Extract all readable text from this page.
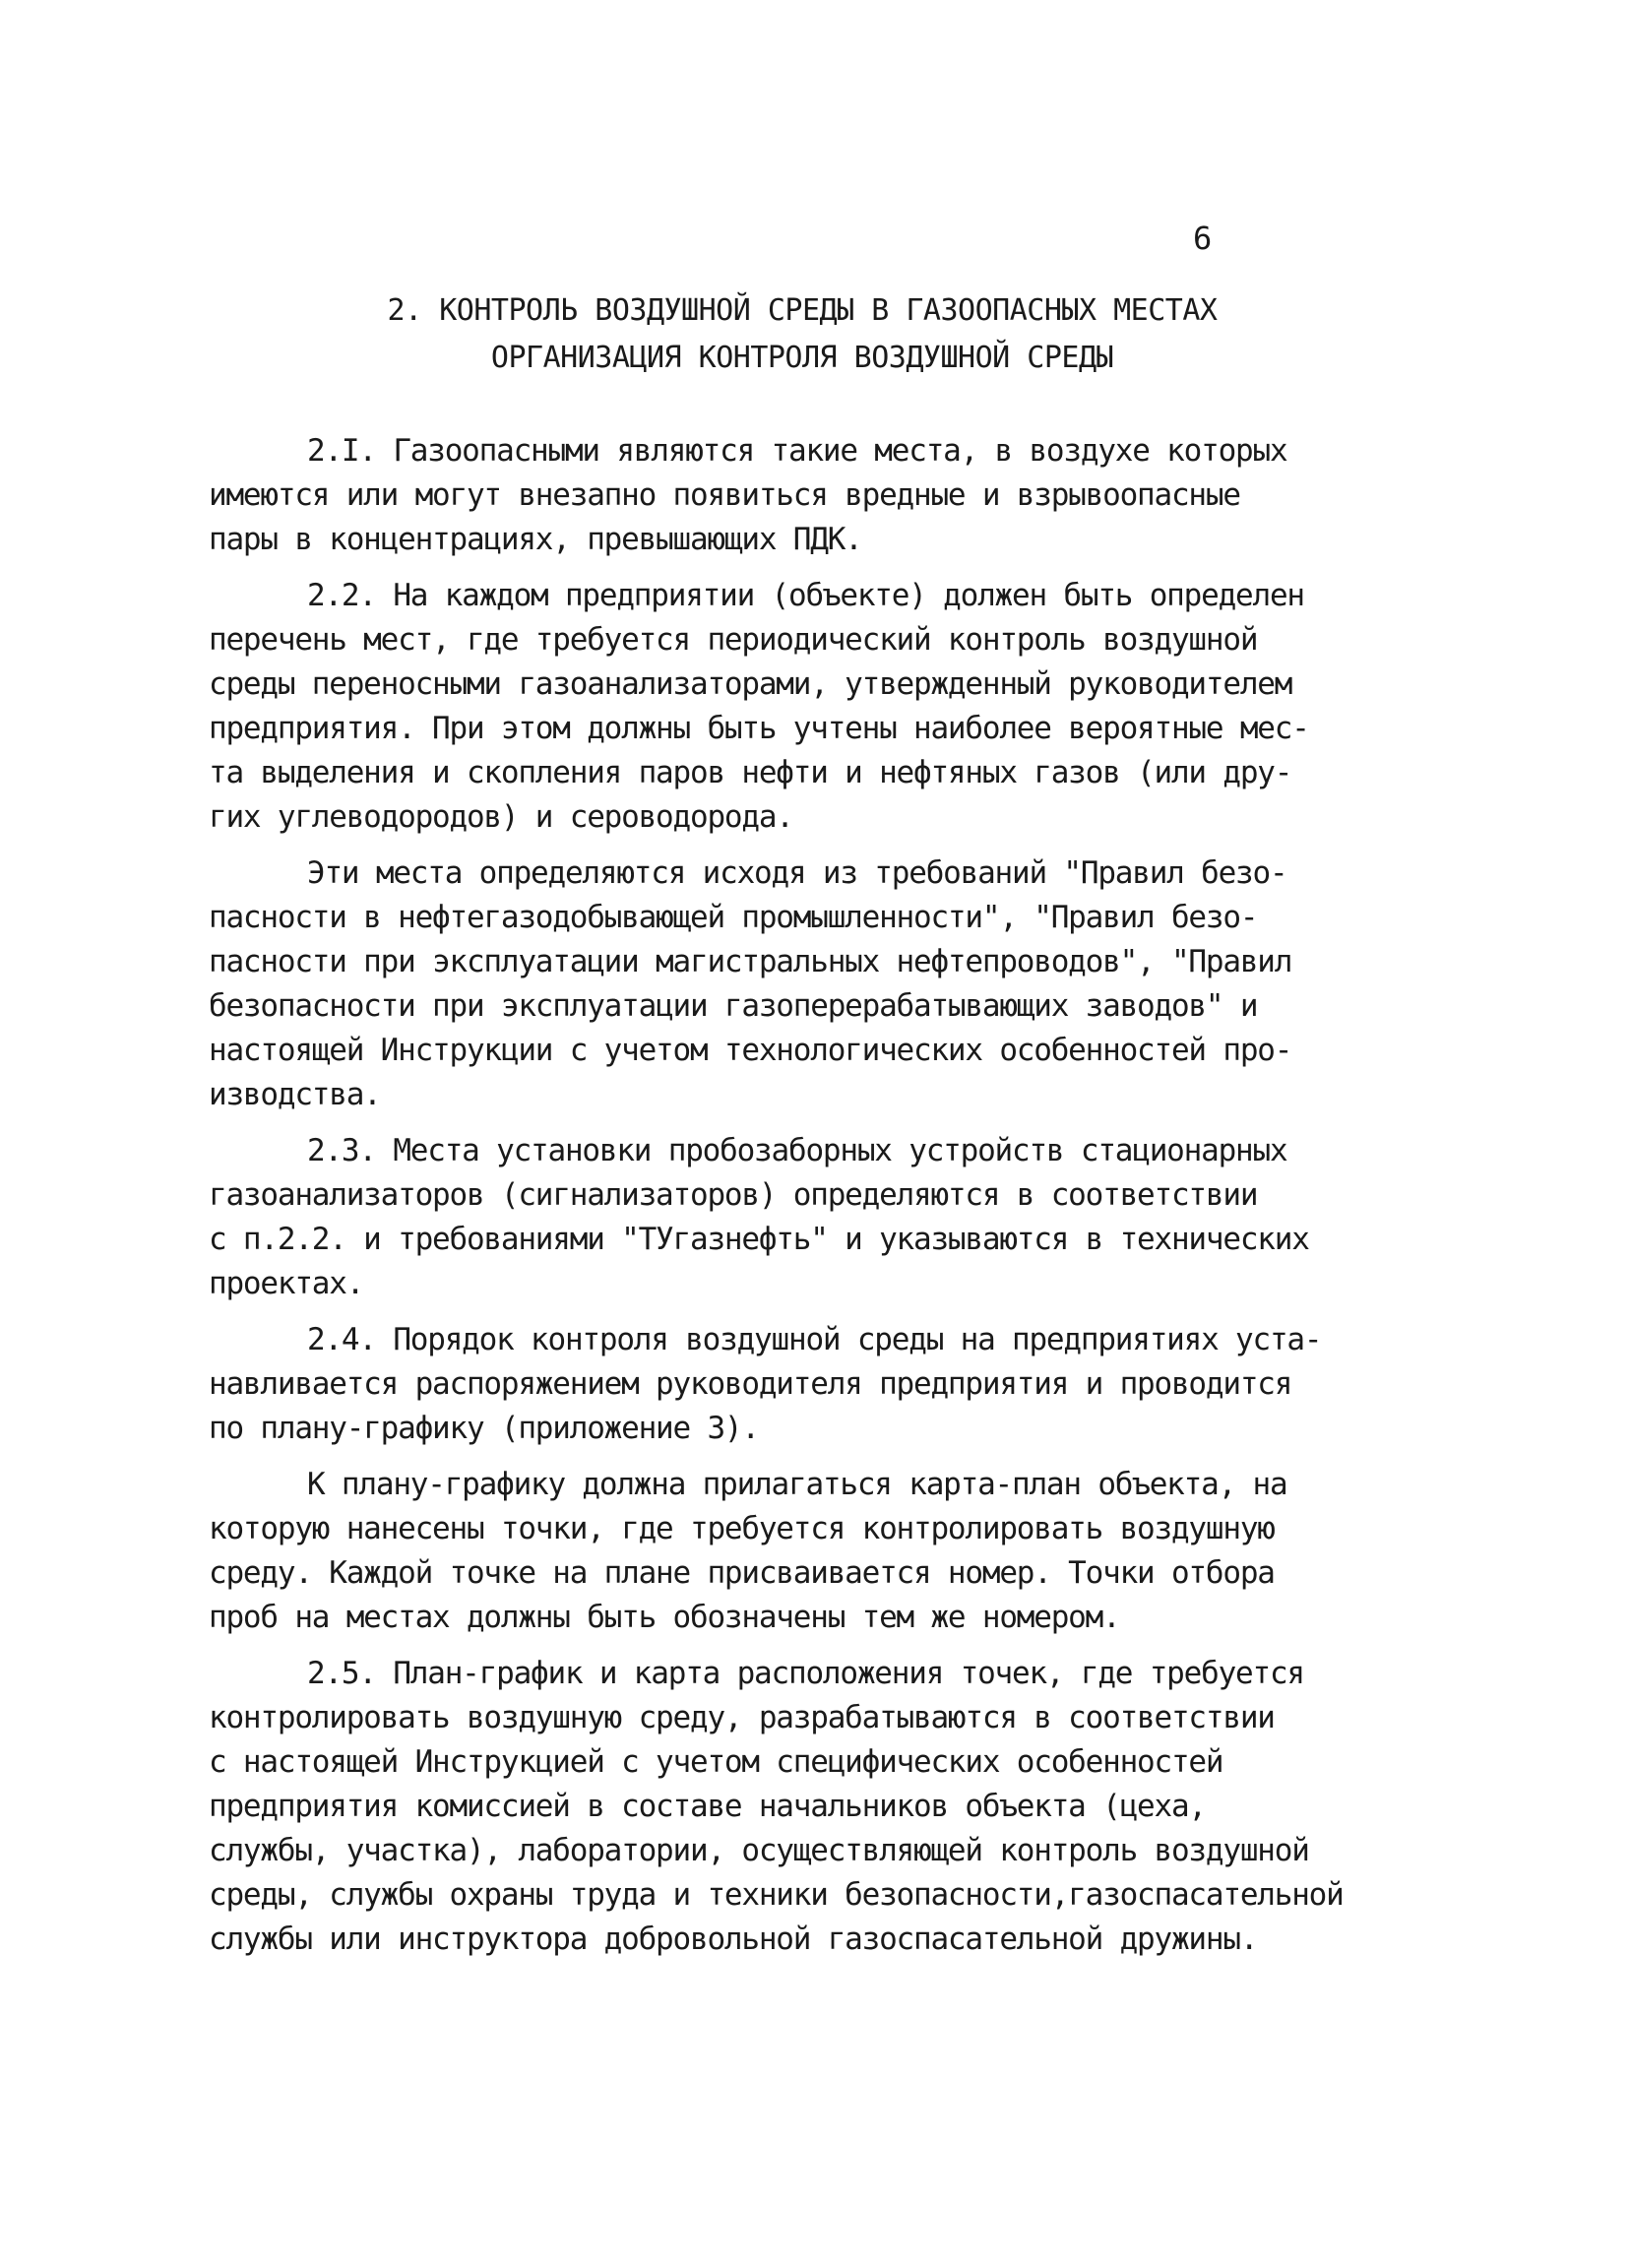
6
2. КОНТРОЛЬ ВОЗДУШНОЙ СРЕДЫ В ГАЗООПАСНЫХ МЕСТАХ
ОРГАНИЗАЦИЯ КОНТРОЛЯ ВОЗДУШНОЙ СРЕДЫ
2.I. Газоопасными являются такие места, в воздухе которых
имеются или могут внезапно появиться вредные и взрывоопасные
пары в концентрациях, превышающих ПДК.
2.2. На каждом предприятии (объекте) должен быть определен
перечень мест, где требуется периодический контроль воздушной
среды переносными газоанализаторами, утвержденный руководителем
предприятия. При этом должны быть учтены наиболее вероятные мес-
та выделения и скопления паров нефти и нефтяных газов (или дру-
гих углеводородов) и сероводорода.
Эти места определяются исходя из требований "Правил безо-
пасности в нефтегазодобывающей промышленности", "Правил безо-
пасности при эксплуатации магистральных нефтепроводов", "Правил
безопасности при эксплуатации газоперерабатывающих заводов" и
настоящей Инструкции с учетом технологических особенностей про-
изводства.
2.3. Места установки пробозаборных устройств стационарных
газоанализаторов (сигнализаторов) определяются в соответствии
с п.2.2. и требованиями "ТУгазнефть" и указываются в технических
проектах.
2.4. Порядок контроля воздушной среды на предприятиях уста-
навливается распоряжением руководителя предприятия и проводится
по плану-графику (приложение 3).
К плану-графику должна прилагаться карта-план объекта, на
которую нанесены точки, где требуется контролировать воздушную
среду. Каждой точке на плане присваивается номер. Точки отбора
проб на местах должны быть обозначены тем же номером.
2.5. План-график и карта расположения точек, где требуется
контролировать воздушную среду, разрабатываются в соответствии
с настоящей Инструкцией с учетом специфических особенностей
предприятия комиссией в составе начальников объекта (цеха,
службы, участка), лаборатории, осуществляющей контроль воздушной
среды, службы охраны труда и техники безопасности,газоспасательной
службы или инструктора добровольной газоспасательной дружины.
